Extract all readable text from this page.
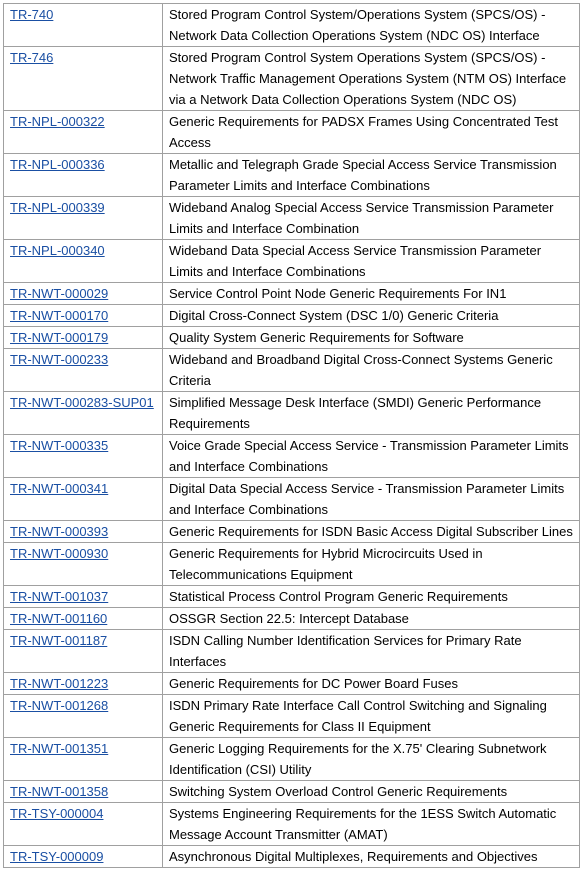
TR-740	Stored Program Control System/Operations System (SPCS/OS) - Network Data Collection Operations System (NDC OS) Interface
TR-746	Stored Program Control System Operations System (SPCS/OS) - Network Traffic Management Operations System (NTM OS) Interface via a Network Data Collection Operations System (NDC OS)
TR-NPL-000322	Generic Requirements for PADSX Frames Using Concentrated Test Access
TR-NPL-000336	Metallic and Telegraph Grade Special Access Service Transmission Parameter Limits and Interface Combinations
TR-NPL-000339	Wideband Analog Special Access Service Transmission Parameter Limits and Interface Combination
TR-NPL-000340	Wideband Data Special Access Service Transmission Parameter Limits and Interface Combinations
TR-NWT-000029	Service Control Point Node Generic Requirements For IN1
TR-NWT-000170	Digital Cross-Connect System (DSC 1/0) Generic Criteria
TR-NWT-000179	Quality System Generic Requirements for Software
TR-NWT-000233	Wideband and Broadband Digital Cross-Connect Systems Generic Criteria
TR-NWT-000283-SUP01	Simplified Message Desk Interface (SMDI) Generic Performance Requirements
TR-NWT-000335	Voice Grade Special Access Service - Transmission Parameter Limits and Interface Combinations
TR-NWT-000341	Digital Data Special Access Service - Transmission Parameter Limits and Interface Combinations
TR-NWT-000393	Generic Requirements for ISDN Basic Access Digital Subscriber Lines
TR-NWT-000930	Generic Requirements for Hybrid Microcircuits Used in Telecommunications Equipment
TR-NWT-001037	Statistical Process Control Program Generic Requirements
TR-NWT-001160	OSSGR Section 22.5: Intercept Database
TR-NWT-001187	ISDN Calling Number Identification Services for Primary Rate Interfaces
TR-NWT-001223	Generic Requirements for DC Power Board Fuses
TR-NWT-001268	ISDN Primary Rate Interface Call Control Switching and Signaling Generic Requirements for Class II Equipment
TR-NWT-001351	Generic Logging Requirements for the X.75' Clearing Subnetwork Identification (CSI) Utility
TR-NWT-001358	Switching System Overload Control Generic Requirements
TR-TSY-000004	Systems Engineering Requirements for the 1ESS Switch Automatic Message Account Transmitter (AMAT)
TR-TSY-000009	Asynchronous Digital Multiplexes, Requirements and Objectives
